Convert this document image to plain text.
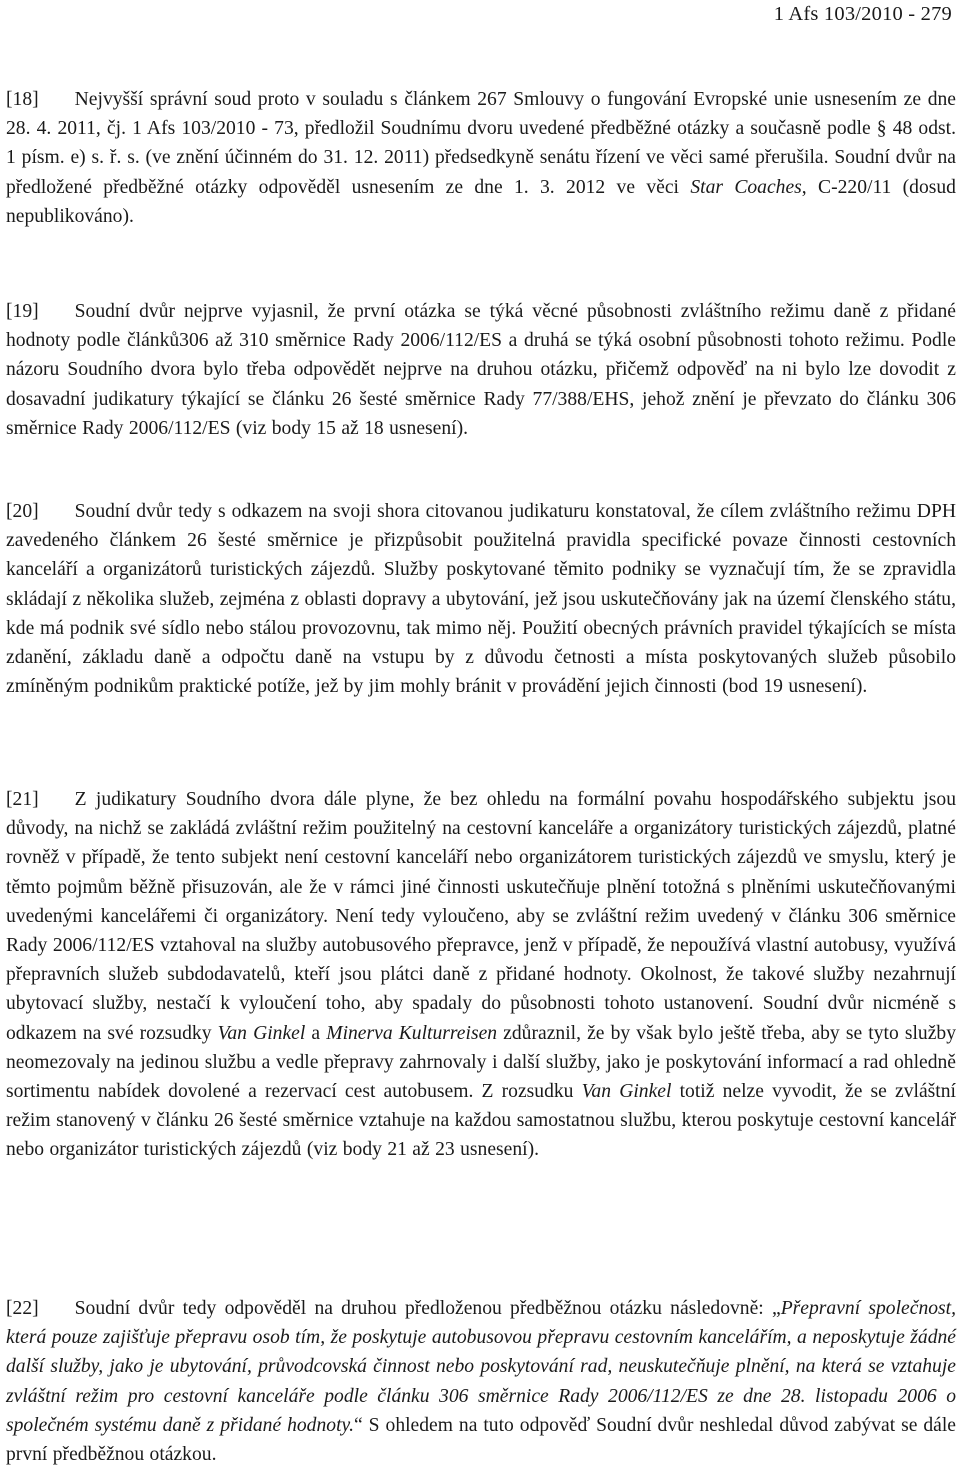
1 Afs 103/2010 - 279
[18] Nejvyšší správní soud proto v souladu s článkem 267 Smlouvy o fungování Evropské unie usnesením ze dne 28. 4. 2011, čj. 1 Afs 103/2010 - 73, předložil Soudnímu dvoru uvedené předběžné otázky a současně podle § 48 odst. 1 písm. e) s. ř. s. (ve znění účinném do 31. 12. 2011) předsedkyně senátu řízení ve věci samé přerušila. Soudní dvůr na předložené předběžné otázky odpověděl usnesením ze dne 1. 3. 2012 ve věci Star Coaches, C-220/11 (dosud nepublikováno).
[19] Soudní dvůr nejprve vyjasnil, že první otázka se týká věcné působnosti zvláštního režimu daně z přidané hodnoty podle článků306 až 310 směrnice Rady 2006/112/ES a druhá se týká osobní působnosti tohoto režimu. Podle názoru Soudního dvora bylo třeba odpovědět nejprve na druhou otázku, přičemž odpověď na ni bylo lze dovodit z dosavadní judikatury týkající se článku 26 šesté směrnice Rady 77/388/EHS, jehož znění je převzato do článku 306 směrnice Rady 2006/112/ES (viz body 15 až 18 usnesení).
[20] Soudní dvůr tedy s odkazem na svoji shora citovanou judikaturu konstatoval, že cílem zvláštního režimu DPH zavedeného článkem 26 šesté směrnice je přizpůsobit použitelná pravidla specifické povaze činnosti cestovních kanceláří a organizátorů turistických zájezdů. Služby poskytované těmito podniky se vyznačují tím, že se zpravidla skládají z několika služeb, zejména z oblasti dopravy a ubytování, jež jsou uskutečňovány jak na území členského státu, kde má podnik své sídlo nebo stálou provozovnu, tak mimo něj. Použití obecných právních pravidel týkajících se místa zdanění, základu daně a odpočtu daně na vstupu by z důvodu četnosti a místa poskytovaných služeb působilo zmíněným podnikům praktické potíže, jež by jim mohly bránit v provádění jejich činnosti (bod 19 usnesení).
[21] Z judikatury Soudního dvora dále plyne, že bez ohledu na formální povahu hospodářského subjektu jsou důvody, na nichž se zakládá zvláštní režim použitelný na cestovní kanceláře a organizátory turistických zájezdů, platné rovněž v případě, že tento subjekt není cestovní kanceláří nebo organizátorem turistických zájezdů ve smyslu, který je těmto pojmům běžně přisuzován, ale že v rámci jiné činnosti uskutečňuje plnění totožná s plněními uskutečňovanými uvedenými kancelářemi či organizátory. Není tedy vyloučeno, aby se zvláštní režim uvedený v článku 306 směrnice Rady 2006/112/ES vztahoval na služby autobusového přepravce, jenž v případě, že nepoužívá vlastní autobusy, využívá přepravních služeb subdodavatelů, kteří jsou plátci daně z přidané hodnoty. Okolnost, že takové služby nezahrnují ubytovací služby, nestačí k vyloučení toho, aby spadaly do působnosti tohoto ustanovení. Soudní dvůr nicméně s odkazem na své rozsudky Van Ginkel a Minerva Kulturreisen zdůraznil, že by však bylo ještě třeba, aby se tyto služby neomezovaly na jedinou službu a vedle přepravy zahrnovaly i další služby, jako je poskytování informací a rad ohledně sortimentu nabídek dovolené a rezervací cest autobusem. Z rozsudku Van Ginkel totiž nelze vyvodit, že se zvláštní režim stanovený v článku 26 šesté směrnice vztahuje na každou samostatnou službu, kterou poskytuje cestovní kancelář nebo organizátor turistických zájezdů (viz body 21 až 23 usnesení).
[22] Soudní dvůr tedy odpověděl na druhou předloženou předběžnou otázku následovně: „Přepravní společnost, která pouze zajišťuje přepravu osob tím, že poskytuje autobusovou přepravu cestovním kancelářím, a neposkytuje žádné další služby, jako je ubytování, průvodcovská činnost nebo poskytování rad, neuskutečňuje plnění, na která se vztahuje zvláštní režim pro cestovní kanceláře podle článku 306 směrnice Rady 2006/112/ES ze dne 28. listopadu 2006 o společném systému daně z přidané hodnoty.“ S ohledem na tuto odpověď Soudní dvůr neshledal důvod zabývat se dále první předběžnou otázkou.
